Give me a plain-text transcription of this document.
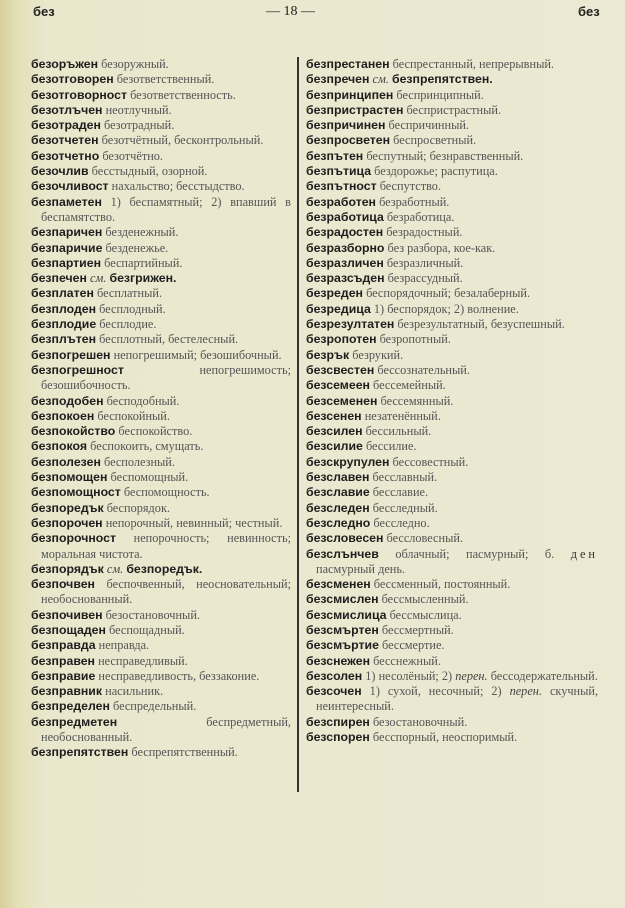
без	— 18 —	без
безоръжен безоружный.
безотговорен безответственный.
безотговорност безответственность.
безотлъчен неотлучный.
безотраден безотрадный.
безотчетен безотчётный, бесконтрольный.
безотчетно безотчётно.
безочлив бесстыдный, озорной.
безочливост нахальство; бесстыдство.
безпаметен 1) беспамятный; 2) впавший в беспамятство.
безпаричен безденежный.
безпаричие безденежье.
безпартиен беспартийный.
безпечен см. безгрижен.
безплатен бесплатный.
безплоден бесплодный.
безплодие бесплодие.
безплътен бесплотный, бестелесный.
безпогрешен непогрешимый; безошибочный.
безпогрешност	непогрешимость; безошибочность.
безподобен бесподобный.
безпокоен беспокойный.
безпокойство беспокойство.
безпокоя беспокоить, смущать.
безполезен бесполезный.
безпомощен беспомощный.
безпомощност беспомощность.
безпоредък беспорядок.
безпорочен непорочный, невинный; честный.
безпорочност непорочность; невинность; моральная чистота.
безпорядък см. безпоредък.
безпочвен беспочвенный, неосновательный; необоснованный.
безпочивен безостановочный.
безпощаден беспощадный.
безправда неправда.
безправен несправедливый.
безправие несправедливость, беззаконие.
безправник насильник.
безпределен беспредельный.
безпредметен	беспредметный, необоснованный.
безпрепятствен беспрепятственный.
безпрестанен беспрестанный, непрерывный.
безпречен см. безпрепятствен.
безпринципен беспринципный.
безпристрастен беспристрастный.
безпричинен беспричинный.
безпросветен беспросветный.
безпътен беспутный; безнравственный.
безпътица бездорожье; распутица.
безпътност беспутство.
безработен безработный.
безработица безработица.
безрадостен безрадостный.
безразборно без разбора, кое-как.
безразличен безразличный.
безразсъден безрассудный.
безреден беспорядочный; безалаберный.
безредица 1) беспорядок; 2) волнение.
безрезултатен безрезультатный, безуспешный.
безропотен безропотный.
безрък безрукий.
безсвестен бессознательный.
безсемеен бессемейный.
безсеменен бессемянный.
безсенен незатенённый.
безсилен бессильный.
безсилие бессилие.
безскрупулен бессовестный.
безславен бесславный.
безславие бесславие.
безследен бесследный.
безследно бесследно.
безсловесен бессловесный.
безслънчев облачный; пасмурный; б. ден пасмурный день.
безсменен бессменный, постоянный.
безсмислен бессмысленный.
безсмислица бессмыслица.
безсмъртен бессмертный.
безсмъртие бессмертие.
безснежен бесснежный.
безсолен 1) несолёный; 2) перен. бессодержательный.
безсочен 1) сухой, несочный; 2) перен. скучный, неинтересный.
безспирен безостановочный.
безспорен бесспорный, неоспоримый.
